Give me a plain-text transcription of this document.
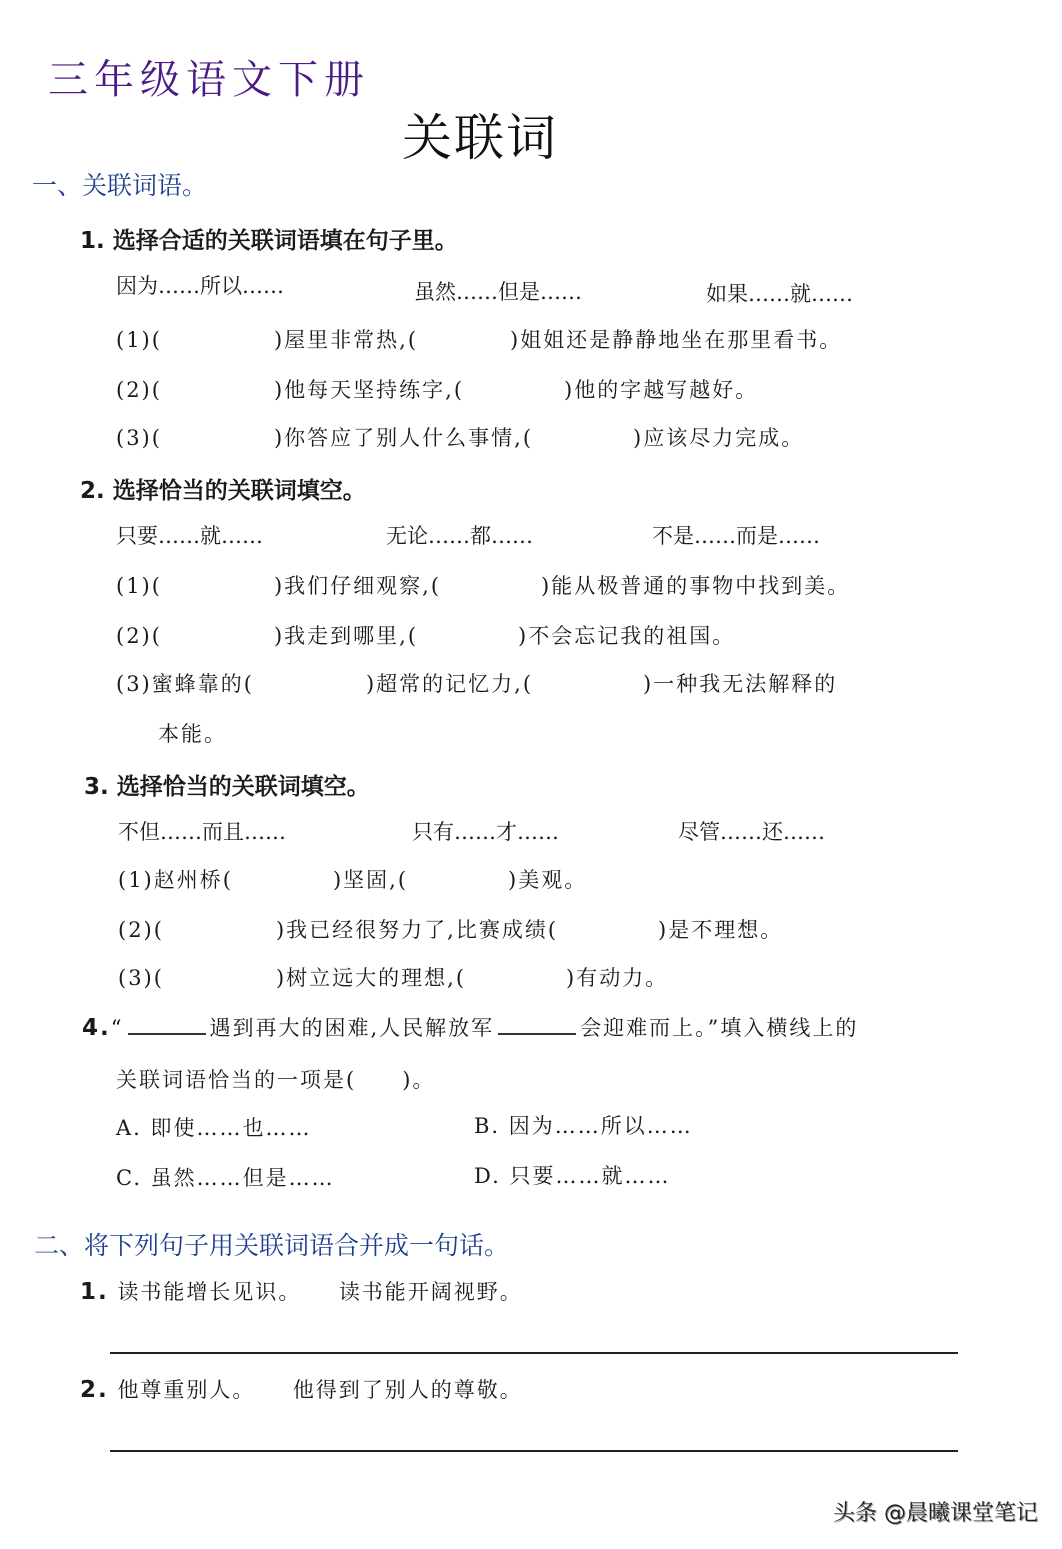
三年级语文下册
关联词
一、关联词语。
1. 选择合适的关联词语填在句子里。
因为……所以……	虽然……但是……	如果……就……
(1)(	)屋里非常热,(	)姐姐还是静静地坐在那里看书。
(2)(	)他每天坚持练字,(	)他的字越写越好。
(3)(	)你答应了别人什么事情,(	)应该尽力完成。
2. 选择恰当的关联词填空。
只要……就……	无论……都……	不是……而是……
(1)(	)我们仔细观察,(	)能从极普通的事物中找到美。
(2)(	)我走到哪里,(	)不会忘记我的祖国。
(3)蜜蜂靠的(	)超常的记忆力,(	)一种我无法解释的
本能。
3. 选择恰当的关联词填空。
不但……而且……	只有……才……	尽管……还……
(1)赵州桥(	)坚固,(	)美观。
(2)(	)我已经很努力了,比赛成绩(	)是不理想。
(3)(	)树立远大的理想,(	)有动力。
4.“	遇到再大的困难,人民解放军	会迎难而上。”填入横线上的
关联词语恰当的一项是(　　)。
A. 即使……也……	B. 因为……所以……
C. 虽然……但是……	D. 只要……就……
二、将下列句子用关联词语合并成一句话。
1. 读书能增长见识。 读书能开阔视野。
2. 他尊重别人。 他得到了别人的尊敬。
头条 @晨曦课堂笔记
